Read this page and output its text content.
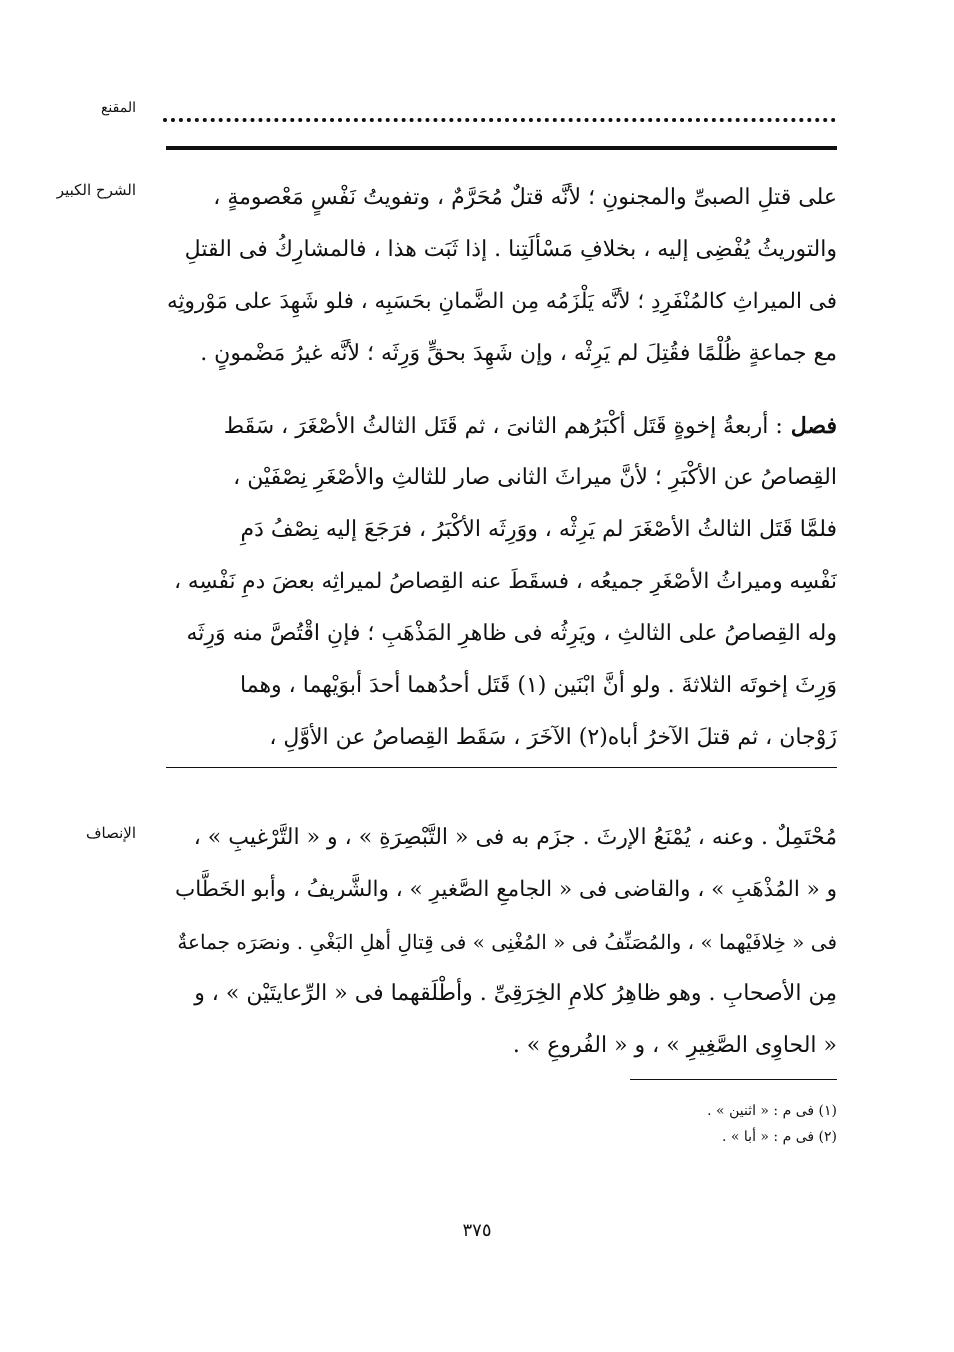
المقنع
الشرح الكبير	على قتلِ الصبىِّ والمجنونِ ؛ لأنَّه قتلٌ مُحَرَّمٌ ، وتفويتُ نَفْسٍ مَعْصومةٍ ،
والتوريثُ يُفْضِى إليه ، بخلافِ مَسْألَتِنا . إذا ثَبَت هذا ، فالمشارِكُ فى القتلِ
فى الميراثِ كالمُنْفَرِدِ ؛ لأنَّه يَلْزَمُه مِن الضَّمانِ بحَسَبِه ، فلو شَهِدَ على مَوْروثِه
مع جماعةٍ ظُلْمًا فقُتِلَ لم يَرِثْه ، وإن شَهِدَ بحقٍّ وَرِثَه ؛ لأنَّه غيرُ مَضْمونٍ .
فصل: أربعةُ إخوةٍ قَتَل أكْبَرُهم الثانىَ ، ثم قَتَل الثالثُ الأصْغَرَ ، سَقَط
القِصاصُ عن الأكْبَرِ ؛ لأنَّ ميراثَ الثانى صار للثالثِ والأصْغَرِ نِصْفَيْن ،
فلمَّا قَتَل الثالثُ الأصْغَرَ لم يَرِثْه ، ووَرِثَه الأكْبَرُ ، فرَجَعَ إليه نِصْفُ دَمِ
نَفْسِه وميراثُ الأصْغَرِ جميعُه ، فسقَطَ عنه القِصاصُ لميراثِه بعضَ دمِ نَفْسِه ،
وله القِصاصُ على الثالثِ ، ويَرِثُه فى ظاهرِ المَذْهَبِ ؛ فإنِ اقْتُصَّ منه وَرِثَه
وَرِثَ إخوتَه الثلاثةَ . ولو أنَّ ابْنَين (١) قَتَل أحدُهما أحدَ أبوَيْهما ، وهما
زَوْجان ، ثم قتلَ الآخرُ أباه(٢) الآخَرَ ، سَقَط القِصاصُ عن الأوَّلِ ،
الإنصاف	مُحْتَمِلٌ . وعنه ، يُمْنَعُ الإرثَ . جزَم به فى « التَّبْصِرَةِ » ، و « التَّرْغيبِ » ،
و « المُذْهَبِ » ، والقاضى فى « الجامعِ الصَّغيرِ » ، والشَّريفُ ، وأبو الخَطَّاب
فى « خِلافَيْهما » ، والمُصَنِّفُ فى « المُغْنِى » فى قِتالِ أهلِ البَغْىِ . ونصَرَه جماعةٌ
مِن الأصحابِ . وهو ظاهِرُ كلامِ الخِرَقِىِّ . وأطْلَقهما فى « الرِّعايتَيْن » ، و
« الحاوِى الصَّغِيرِ » ، و « الفُروعِ » .
(١) فى م : « اثنين » .
(٢) فى م : « أبا » .
٣٧٥
